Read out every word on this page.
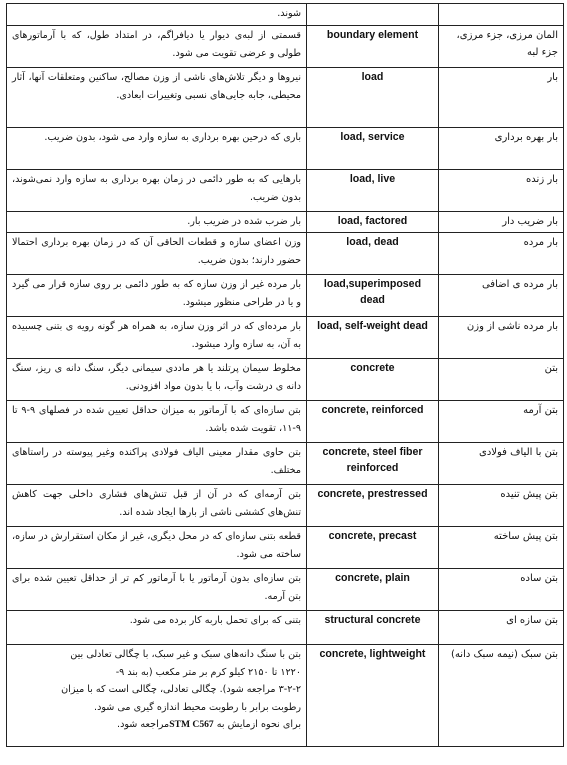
شوند.		
قسمتی از لبه‌ی دیوار یا دیافراگم، در امتداد طول، که با آرماتورهای طولی و عرضی تقویت می شود.	boundary element	المان مرزی، جزء مرزی، جزء لبه
نیروها و دیگر تلاش‌های ناشی از وزن مصالح، ساکنین ومتعلقات آنها، آثار محیطی، جابه جایی‌های نسبی وتغییرات ابعادی.	load	بار
باری که درحین بهره برداری به سازه وارد می شود، بدون ضریب.	load, service	بار بهره برداری
بارهایی که به طور دائمی در زمان بهره برداری به سازه وارد نمی‌شوند، بدون ضریب.	load, live	بار زنده
بار ضرب شده در ضریب بار.	load, factored	بار ضریب دار
وزن اعضای سازه و قطعات الحاقی آن که در زمان بهره برداری احتمالا حضور دارند؛ بدون ضریب.	load, dead	بار مرده
بار مرده غیر از وزن سازه که به طور دائمی بر روی سازه قرار می گیرد و یا در طراحی منظور میشود.	load,superimposed dead	بار مرده ی اضافی
بار مرده‌ای که در اثر وزن سازه، به همراه هر گونه رویه ی بتنی چسبیده به آن، به سازه وارد میشود.	load, self-weight dead	بار مرده ناشی از وزن
مخلوط سیمان پرتلند یا هر ماددی سیمانی دیگر، سنگ دانه ی ریز، سنگ دانه ی درشت وآب، با یا بدون مواد افزودنی.	concrete	بتن
بتن سازه‌ای که با آرماتور به میزان حداقل تعیین شده در فصلهای ۹-۹ تا ۹-۱۱، تقویت شده باشد.	concrete, reinforced	بتن آرمه
بتن حاوی مقدار معینی الیاف فولادی پراکنده وغیر پیوسته در راستاهای مختلف.	concrete, steel fiber reinforced	بتن با الیاف فولادی
بتن آرمه‌ای که در آن از قبل تنش‌های فشاری داخلی جهت کاهش تنش‌های کششی ناشی از بارها ایجاد شده اند.	concrete, prestressed	بتن پیش تنیده
قطعه بتنی سازه‌ای که در محل دیگری، غیر از مکان استقرارش در سازه، ساخته می شود.	concrete, precast	بتن پیش ساخته
بتن سازه‌ای بدون آرماتور یا با آرماتور کم تر از حداقل تعیین شده برای بتن آرمه.	concrete, plain	بتن ساده
بتنی که برای تحمل باربه کار برده می شود.	structural concrete	بتن سازه ای

بتن با سنگ دانه‌های سبک و غیر سبک، با چگالی تعادلی بین
۱۲۲۰ تا ۲۱۵۰ کیلو کرم بر متر مکعب (به بند ۹-
۳-۲-۲ مراجعه شود). چگالی تعادلی، چگالی است که با میزان
رطوبت برابر با رطوبت محیط اندازه گیری می شود.
برای نحوه ازمایش به STM C567مراجعه شود.	concrete, lightweight	بتن سبک (نیمه سبک دانه)
